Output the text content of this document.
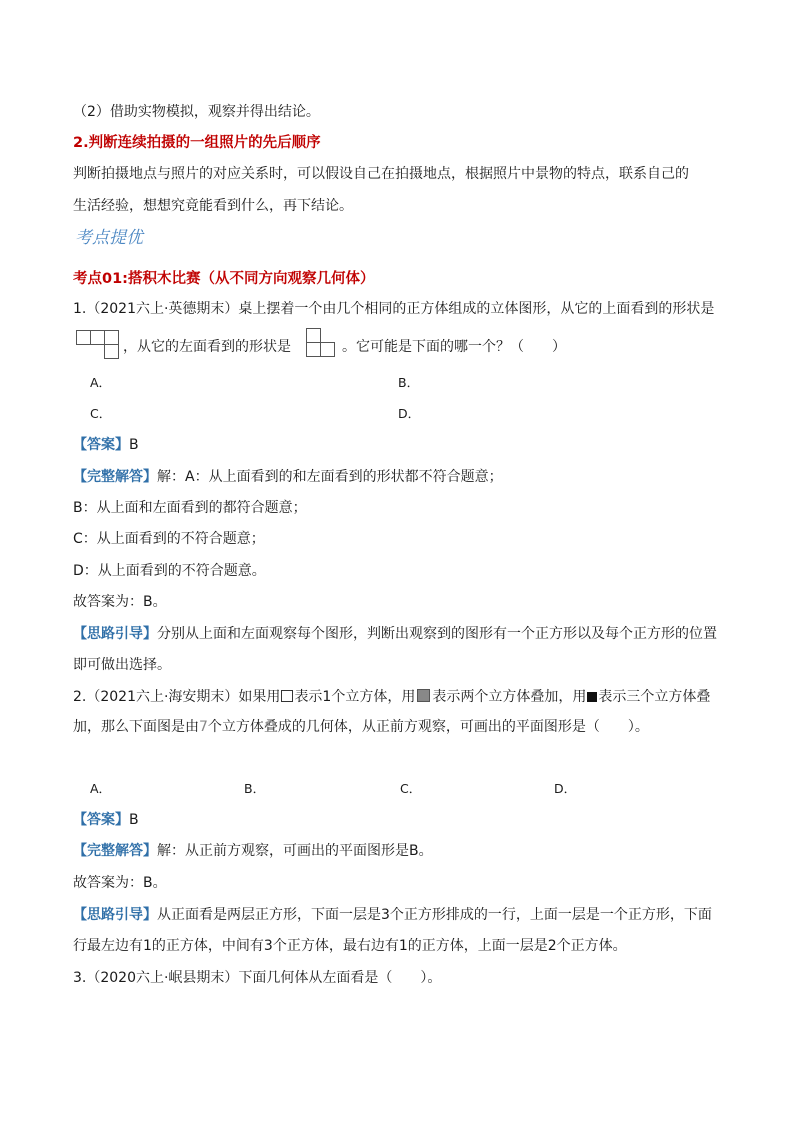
（2）借助实物模拟，观察并得出结论。
2.判断连续拍摄的一组照片的先后顺序
判断拍摄地点与照片的对应关系时，可以假设自己在拍摄地点，根据照片中景物的特点，联系自己的
生活经验，想想究竟能看到什么，再下结论。
考点提优
考点01:搭积木比赛（从不同方向观察几何体）
1.（2021六上·英德期末）桌上摆着一个由几个相同的正方体组成的立体图形，从它的上面看到的形状是
，从它的左面看到的形状是	。它可能是下面的哪一个？（　　）
A．	B．
C．	D．
【答案】B
【完整解答】解：A：从上面看到的和左面看到的形状都不符合题意；
B：从上面和左面看到的都符合题意；
C：从上面看到的不符合题意；
D：从上面看到的不符合题意。
故答案为：B。
【思路引导】分别从上面和左面观察每个图形，判断出观察到的图形有一个正方形以及每个正方形的位置
即可做出选择。
2.（2021六上·海安期末）如果用 表示1个立方体，用 表示两个立方体叠加，用 表示三个立方体叠
加，那么下面图是由7个立方体叠成的几何体，从正前方观察，可画出的平面图形是（　　）。
A．	B．	C．	D．
【答案】B
【完整解答】解：从正前方观察，可画出的平面图形是B。
故答案为：B。
【思路引导】从正面看是两层正方形，下面一层是3个正方形排成的一行，上面一层是一个正方形，下面
行最左边有1的正方体，中间有3个正方体，最右边有1的正方体，上面一层是2个正方体。
3.（2020六上·岷县期末）下面几何体从左面看是（　　）。
